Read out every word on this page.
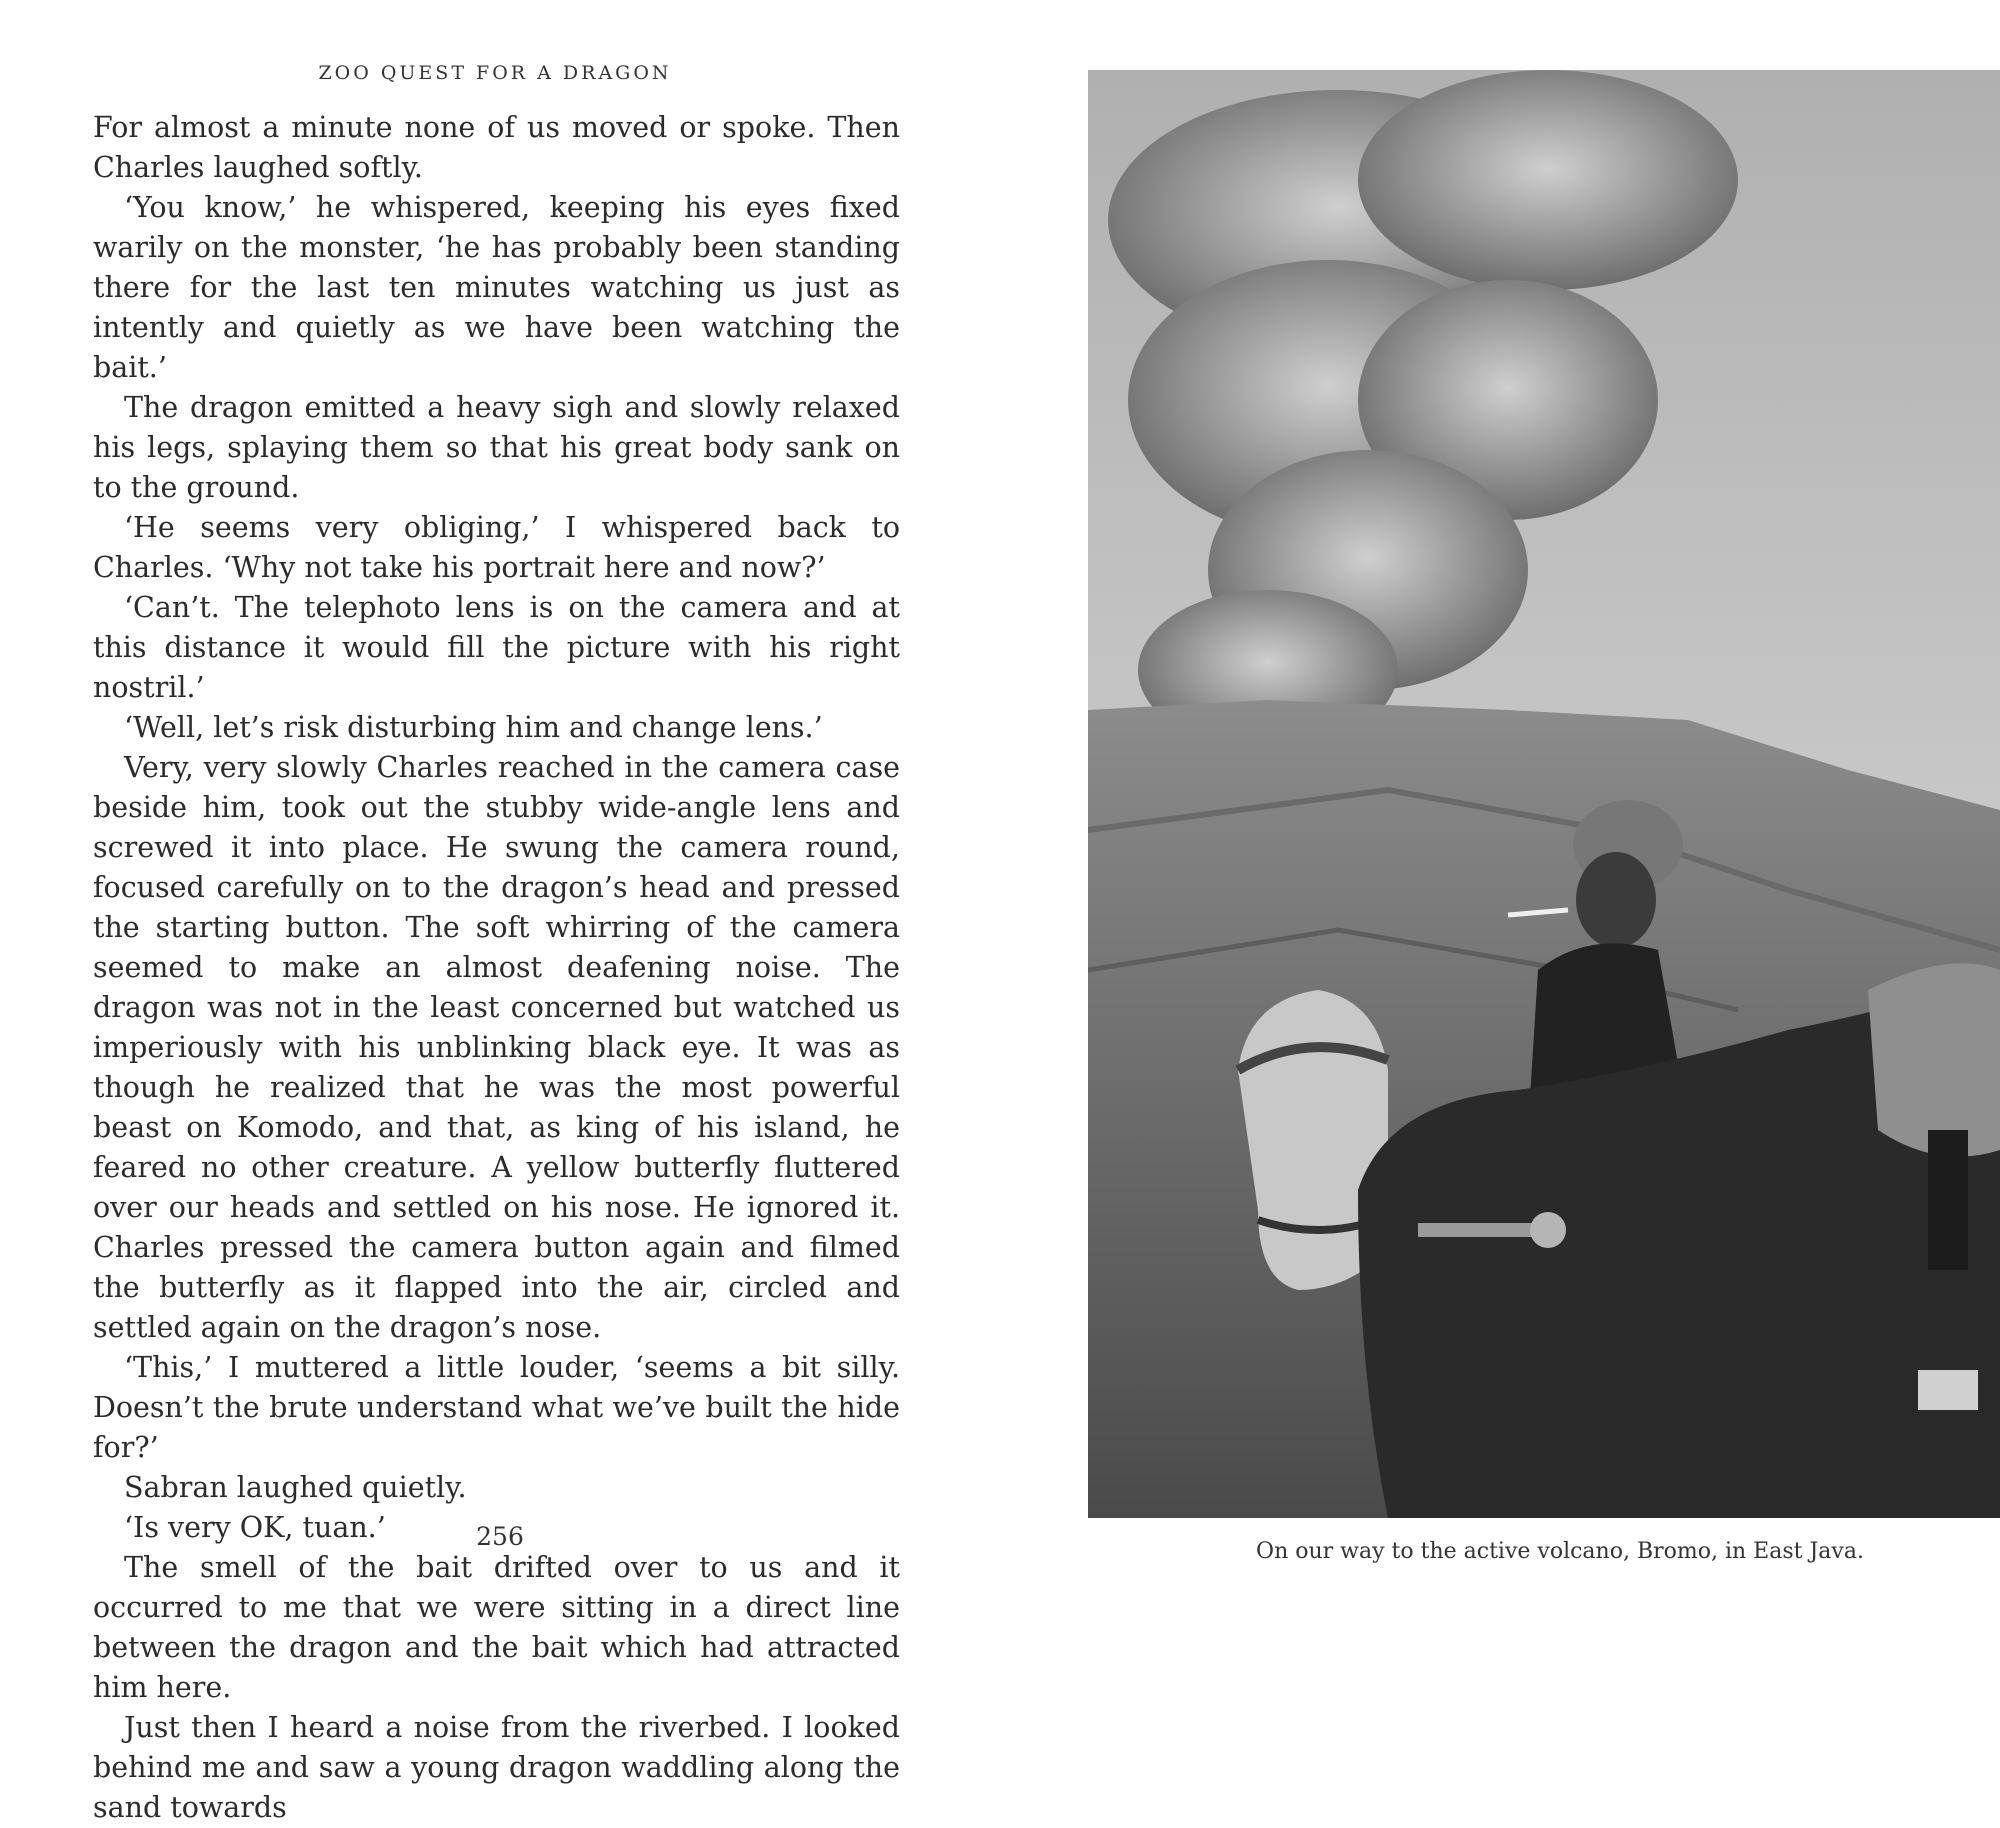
ZOO QUEST FOR A DRAGON

For almost a minute none of us moved or spoke. Then Charles laughed softly.

‘You know,’ he whispered, keeping his eyes fixed warily on the monster, ‘he has probably been standing there for the last ten minutes watching us just as intently and quietly as we have been watching the bait.’

The dragon emitted a heavy sigh and slowly relaxed his legs, splaying them so that his great body sank on to the ground.

‘He seems very obliging,’ I whispered back to Charles. ‘Why not take his portrait here and now?’

‘Can’t. The telephoto lens is on the camera and at this distance it would fill the picture with his right nostril.’

‘Well, let’s risk disturbing him and change lens.’

Very, very slowly Charles reached in the camera case beside him, took out the stubby wide-angle lens and screwed it into place. He swung the camera round, focused carefully on to the dragon’s head and pressed the starting button. The soft whirring of the camera seemed to make an almost deafening noise. The dragon was not in the least concerned but watched us imperiously with his unblinking black eye. It was as though he realized that he was the most powerful beast on Komodo, and that, as king of his island, he feared no other creature. A yellow butterfly fluttered over our heads and settled on his nose. He ignored it. Charles pressed the camera button again and filmed the butterfly as it flapped into the air, circled and settled again on the dragon’s nose.

‘This,’ I muttered a little louder, ‘seems a bit silly. Doesn’t the brute understand what we’ve built the hide for?’

Sabran laughed quietly.

‘Is very OK, tuan.’

The smell of the bait drifted over to us and it occurred to me that we were sitting in a direct line between the dragon and the bait which had attracted him here.

Just then I heard a noise from the riverbed. I looked behind me and saw a young dragon waddling along the sand towards

256
On our way to the active volcano, Bromo, in East Java.
